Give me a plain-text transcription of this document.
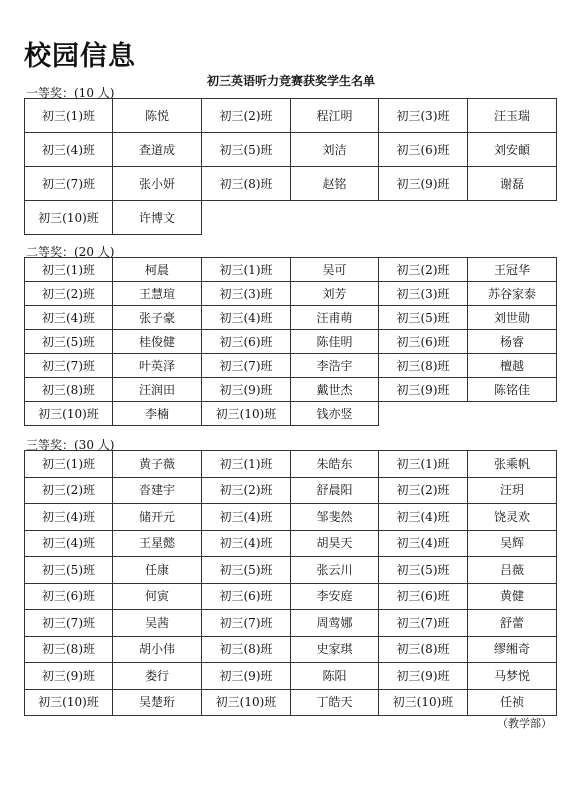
校园信息
初三英语听力竞赛获奖学生名单
一等奖：(10 人)
初三(1)班	陈悦	初三(2)班	程江明	初三(3)班	汪玉瑞
初三(4)班	查道成	初三(5)班	刘洁	初三(6)班	刘安頔
初三(7)班	张小妍	初三(8)班	赵铭	初三(9)班	谢磊
初三(10)班	许博文				
二等奖：(20 人)
初三(1)班	柯晨	初三(1)班	吴可	初三(2)班	王冠华
初三(2)班	王慧瑄	初三(3)班	刘芳	初三(3)班	苏谷家泰
初三(4)班	张子豪	初三(4)班	汪甫萌	初三(5)班	刘世勋
初三(5)班	桂俊健	初三(6)班	陈佳明	初三(6)班	杨睿
初三(7)班	叶英泽	初三(7)班	李浩宇	初三(8)班	檀越
初三(8)班	汪润田	初三(9)班	戴世杰	初三(9)班	陈铭佳
初三(10)班	李楠	初三(10)班	钱亦竖		
三等奖：(30 人)
初三(1)班	黄子薇	初三(1)班	朱皓东	初三(1)班	张乘帆
初三(2)班	沓建宇	初三(2)班	舒晨阳	初三(2)班	汪玥
初三(4)班	储开元	初三(4)班	邹斐然	初三(4)班	饶灵欢
初三(4)班	王星懿	初三(4)班	胡昊天	初三(4)班	吴辉
初三(5)班	任康	初三(5)班	张云川	初三(5)班	吕薇
初三(6)班	何寅	初三(6)班	李安庭	初三(6)班	黄健
初三(7)班	吴茜	初三(7)班	周莺娜	初三(7)班	舒蕾
初三(8)班	胡小伟	初三(8)班	史家琪	初三(8)班	缪缃奇
初三(9)班	娄行	初三(9)班	陈阳	初三(9)班	马梦悦
初三(10)班	吴楚珩	初三(10)班	丁皓天	初三(10)班	任祯
（教学部）
